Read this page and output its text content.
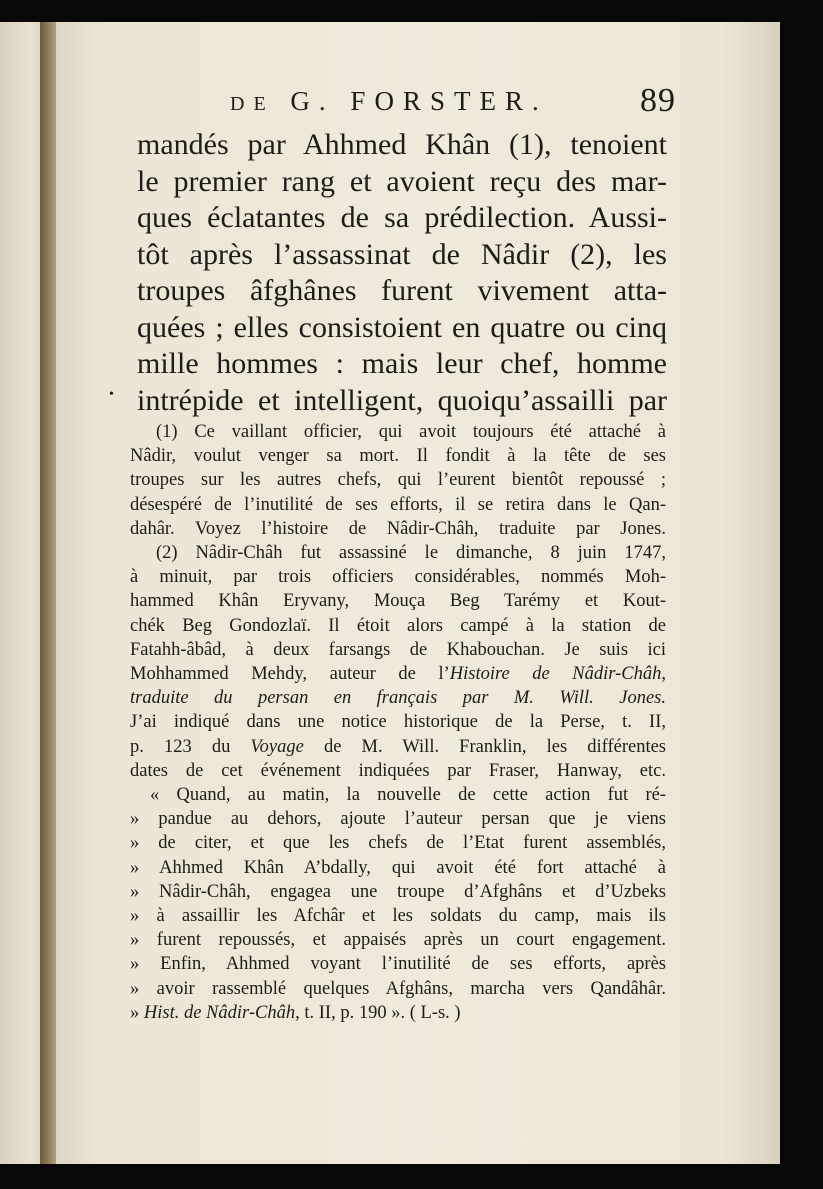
DE G. FORSTER.	89
mandés par Ahhmed Khân (1), tenoient
le premier rang et avoient reçu des mar-
ques éclatantes de sa prédilection. Aussi-
tôt après l’assassinat de Nâdir (2), les
troupes âfghânes furent vivement atta-
quées ; elles consistoient en quatre ou cinq
mille hommes : mais leur chef, homme
intrépide et intelligent, quoiqu’assailli par
(1) Ce vaillant officier, qui avoit toujours été attaché à
Nâdir, voulut venger sa mort. Il fondit à la tête de ses
troupes sur les autres chefs, qui l’eurent bientôt repoussé ;
désespéré de l’inutilité de ses efforts, il se retira dans le Qan-
dahâr. Voyez l’histoire de Nâdir-Châh, traduite par Jones.
(2) Nâdir-Châh fut assassiné le dimanche, 8 juin 1747,
à minuit, par trois officiers considérables, nommés Moh-
hammed Khân Eryvany, Mouça Beg Tarémy et Kout-
chék Beg Gondozlaï. Il étoit alors campé à la station de
Fatahh-âbâd, à deux farsangs de Khabouchan. Je suis ici
Mohhammed Mehdy, auteur de l’Histoire de Nâdir-Châh,
traduite du persan en français par M. Will. Jones.
J’ai indiqué dans une notice historique de la Perse, t. II,
p. 123 du Voyage de M. Will. Franklin, les différentes
dates de cet événement indiquées par Fraser, Hanway, etc.
« Quand, au matin, la nouvelle de cette action fut ré-
» pandue au dehors, ajoute l’auteur persan que je viens
» de citer, et que les chefs de l’Etat furent assemblés,
» Ahhmed Khân A’bdally, qui avoit été fort attaché à
» Nâdir-Châh, engagea une troupe d’Afghâns et d’Uzbeks
» à assaillir les Afchâr et les soldats du camp, mais ils
» furent repoussés, et appaisés après un court engagement.
» Enfin, Ahhmed voyant l’inutilité de ses efforts, après
» avoir rassemblé quelques Afghâns, marcha vers Qandâhâr.
» Hist. de Nâdir-Châh, t. II, p. 190 ». ( L-s. )
•
